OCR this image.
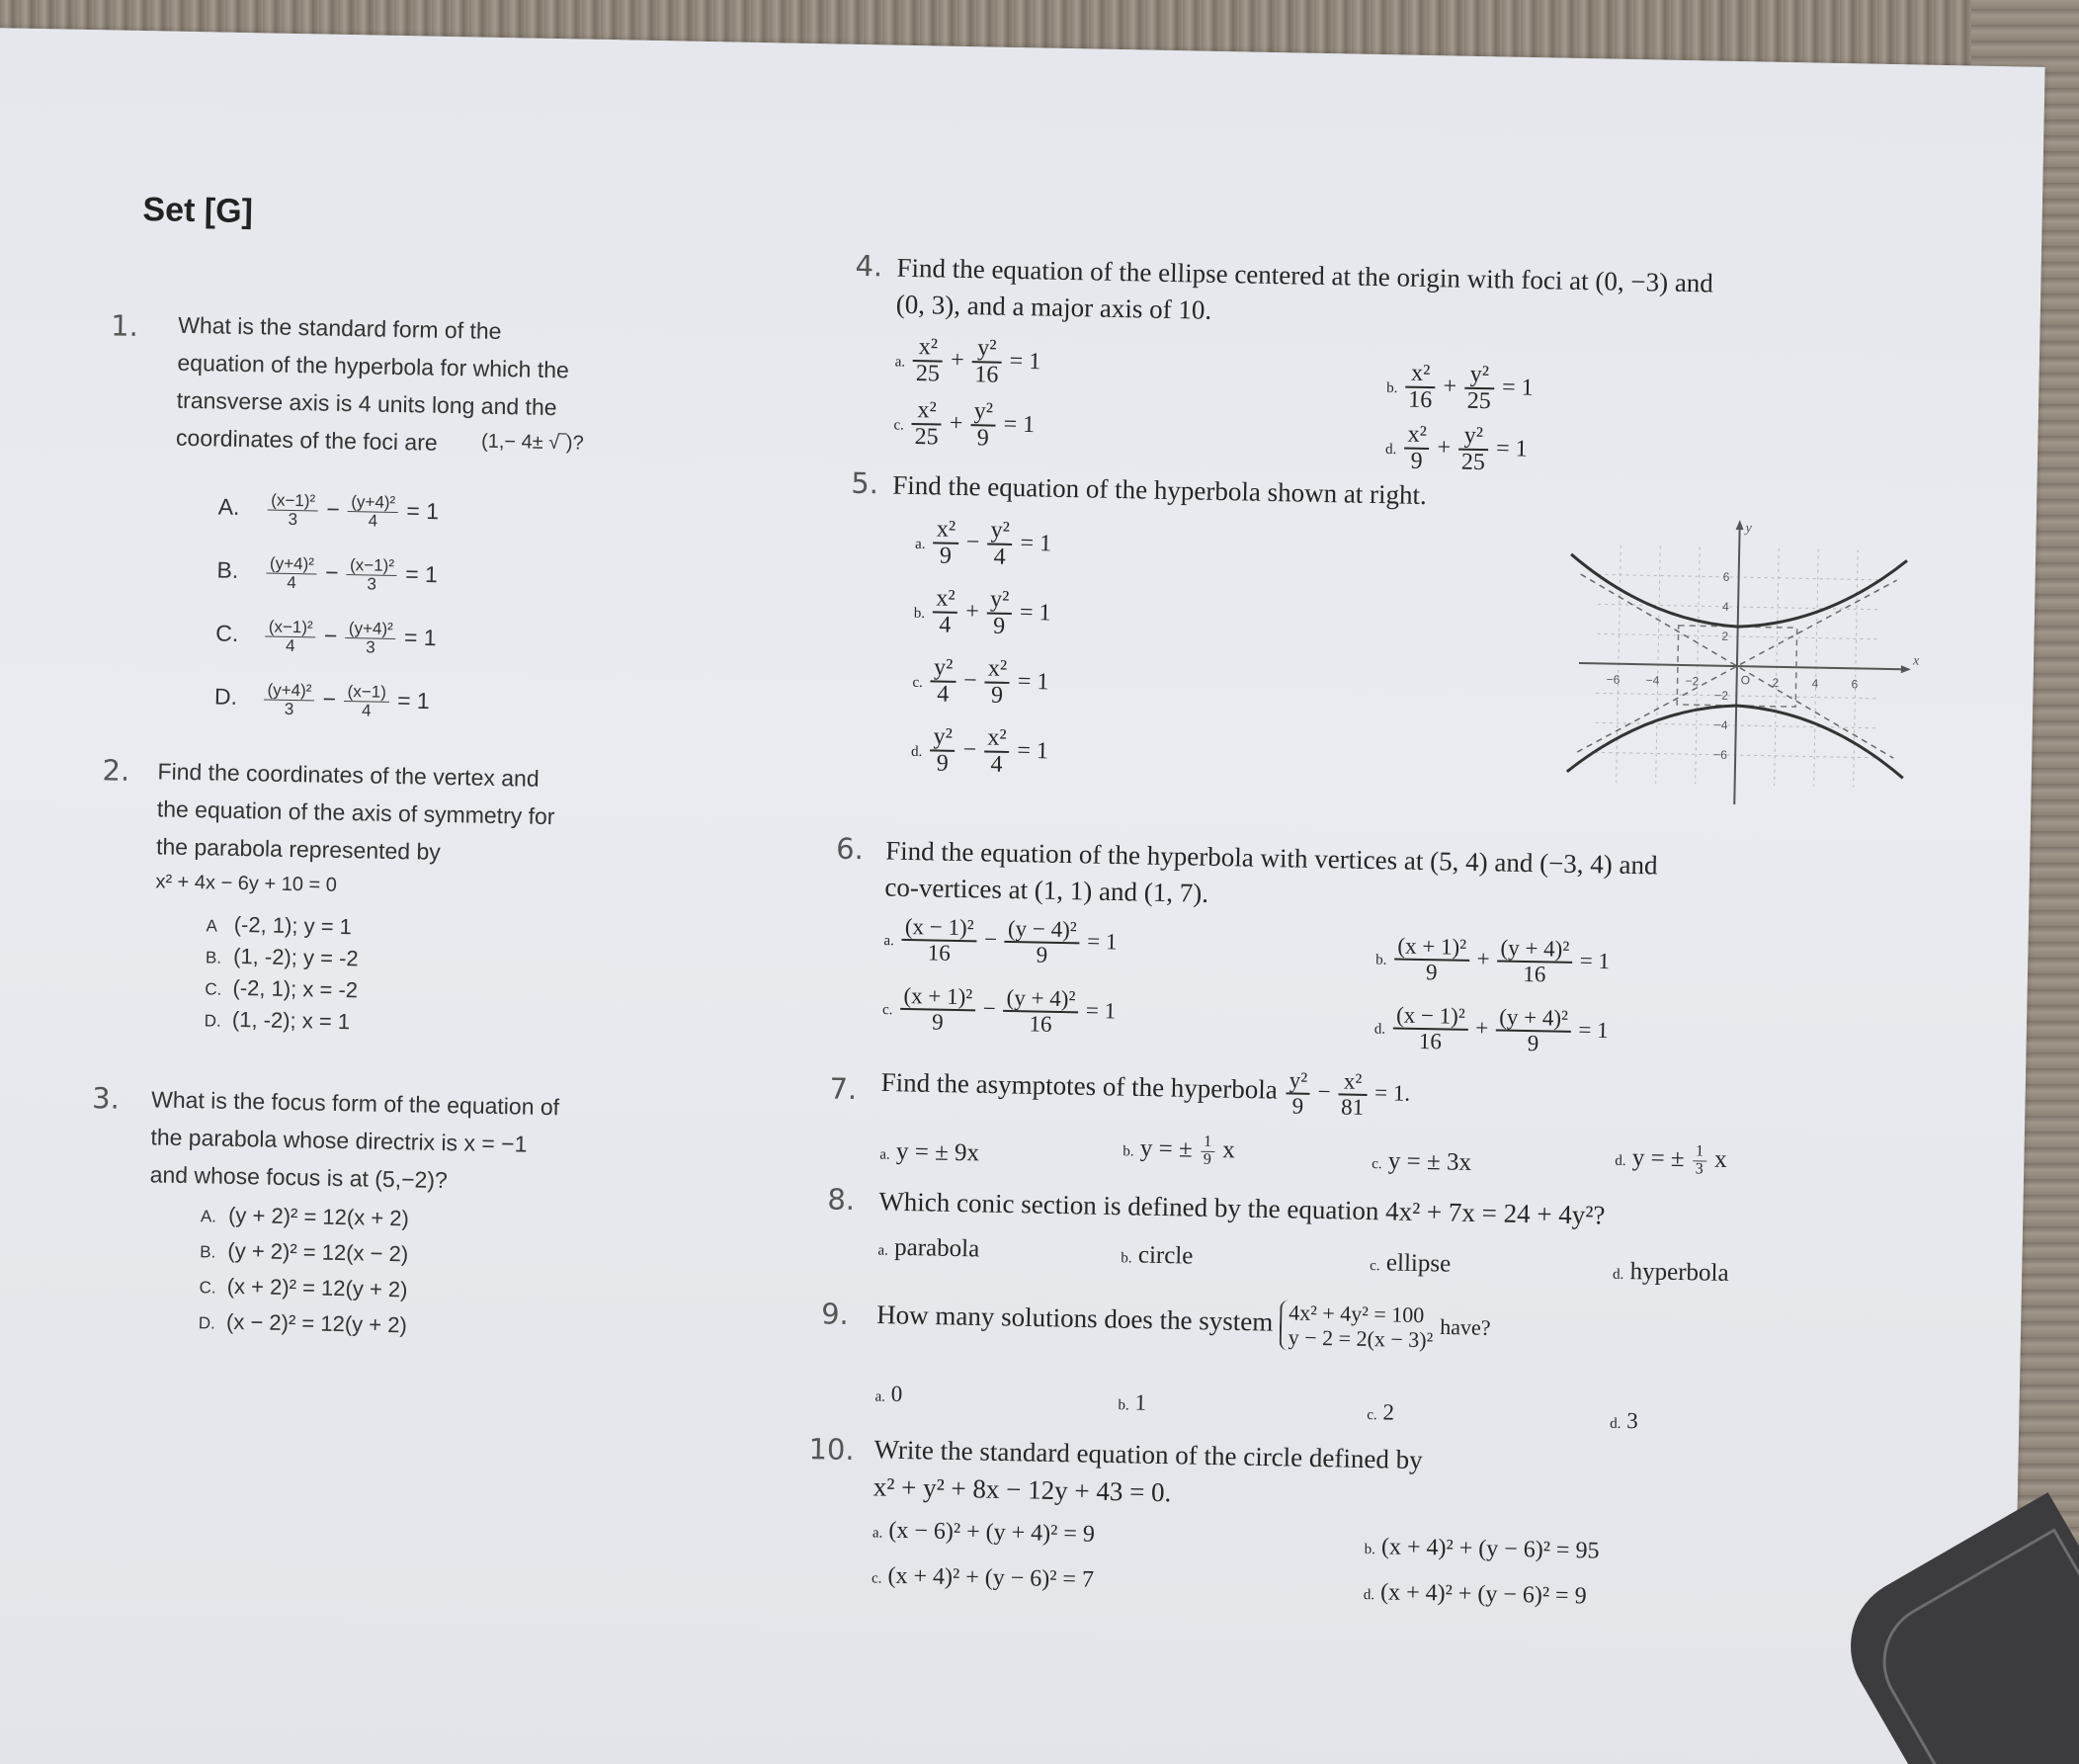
Set [G]
1. What is the standard form of the
equation of the hyperbola for which the
transverse axis is 4 units long and the
coordinates of the foci are (1,− 4± √‾)?
A. $\frac{\text{(x−1)²}}{3} - \frac{\text{(y+4)²}}{4} = 1$
B. $\frac{\text{(y+4)²}}{4} - \frac{\text{(x−1)²}}{3} = 1$
C. $\frac{\text{(x−1)²}}{4} - \frac{\text{(y+4)²}}{3} = 1$
D. $\frac{\text{(y+4)²}}{3} - \frac{(x-1)}{4} = 1$
2. Find the coordinates of the vertex and
the equation of the axis of symmetry for
the parabola represented by
x² + 4x − 6y + 10 = 0
A (-2, 1); y = 1
B. (1, -2); y = -2
C. (-2, 1); x = -2
D. (1, -2); x = 1
3. What is the focus form of the equation of
the parabola whose directrix is x = −1
and whose focus is at (5,−2)?
A. (y + 2)² = 12(x + 2)
B. (y + 2)² = 12(x − 2)
C. (x + 2)² = 12(y + 2)
D. (x − 2)² = 12(y + 2)
4. Find the equation of the ellipse centered at the origin with foci at (0, −3) and
(0, 3), and a major axis of 10.
a. $\frac{\text{x²}}{25} + \frac{\text{y²}}{16} = 1$
b. $\frac{\text{x²}}{16} + \frac{\text{y²}}{25} = 1$
c. $\frac{\text{x²}}{25} + \frac{\text{y²}}{9} = 1$
d. $\frac{\text{x²}}{9} + \frac{\text{y²}}{25} = 1$
5. Find the equation of the hyperbola shown at right.
a. $\frac{\text{x²}}{9} - \frac{\text{y²}}{4} = 1$
b. $\frac{\text{x²}}{4} + \frac{\text{y²}}{9} = 1$
c. $\frac{\text{y²}}{4} - \frac{\text{x²}}{9} = 1$
d. $\frac{\text{y²}}{9} - \frac{\text{x²}}{4} = 1$
y
x
−6 −4 −2	O 2	4	6
6
4
2
−2
−4
−6
6. Find the equation of the hyperbola with vertices at (5, 4) and (−3, 4) and
co-vertices at (1, 1) and (1, 7).
a. $\frac{\text{(x − 1)²}}{16} - \frac{\text{(y − 4)²}}{9} = 1$
b. $\frac{\text{(x + 1)²}}{9} + \frac{\text{(y + 4)²}}{16} = 1$
c. $\frac{\text{(x + 1)²}}{9} - \frac{\text{(y + 4)²}}{16} = 1$
d. $\frac{\text{(x − 1)²}}{16} + \frac{\text{(y + 4)²}}{9} = 1$
7. Find the asymptotes of the hyperbola $\frac{\text{y²}}{9} - \frac{\text{x²}}{81} = 1$.
a. y = ± 9x	b. y = ± $\frac{1}{9}$ x
c. y = ± 3x	d. y = ± $\frac{1}{3}$ x
8. Which conic section is defined by the equation 4x² + 7x = 24 + 4y²?
a. parabola	b. circle	c. ellipse	d. hyperbola
9. How many solutions does the system 4x² + 4y² = 100
y − 2 = 2(x − 3)² have?
a. 0	b. 1
c. 2	d. 3
10. Write the standard equation of the circle defined by
x² + y² + 8x − 12y + 43 = 0.
a. (x − 6)² + (y + 4)² = 9
b. (x + 4)² + (y − 6)² = 95
c. (x + 4)² + (y − 6)² = 7
d. (x + 4)² + (y − 6)² = 9
